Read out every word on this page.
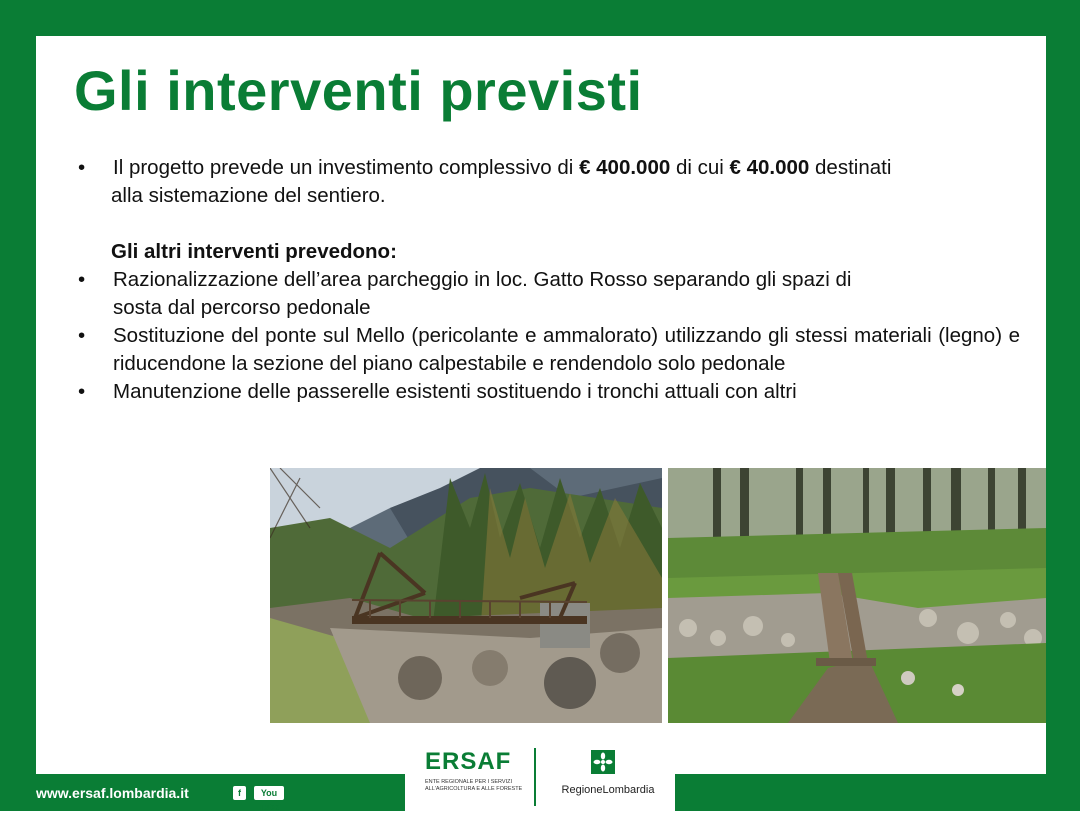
Gli interventi previsti
•	Il progetto prevede un investimento complessivo di € 400.000 di cui € 40.000 destinati
alla sistemazione del sentiero.
Gli altri interventi prevedono:
•	Razionalizzazione dell’area parcheggio in loc. Gatto Rosso separando gli spazi di
sosta dal percorso pedonale
•	Sostituzione del ponte sul Mello (pericolante e ammalorato) utilizzando gli stessi materiali (legno) e riducendone la sezione del piano calpestabile e rendendolo solo pedonale
•	Manutenzione delle passerelle esistenti sostituendo i tronchi attuali con altri
www.ersaf.lombardia.it	f	You Tube
ERSAF
ENTE REGIONALE PER I SERVIZI ALL'AGRICOLTURA E ALLE FORESTE	RegioneLombardia
